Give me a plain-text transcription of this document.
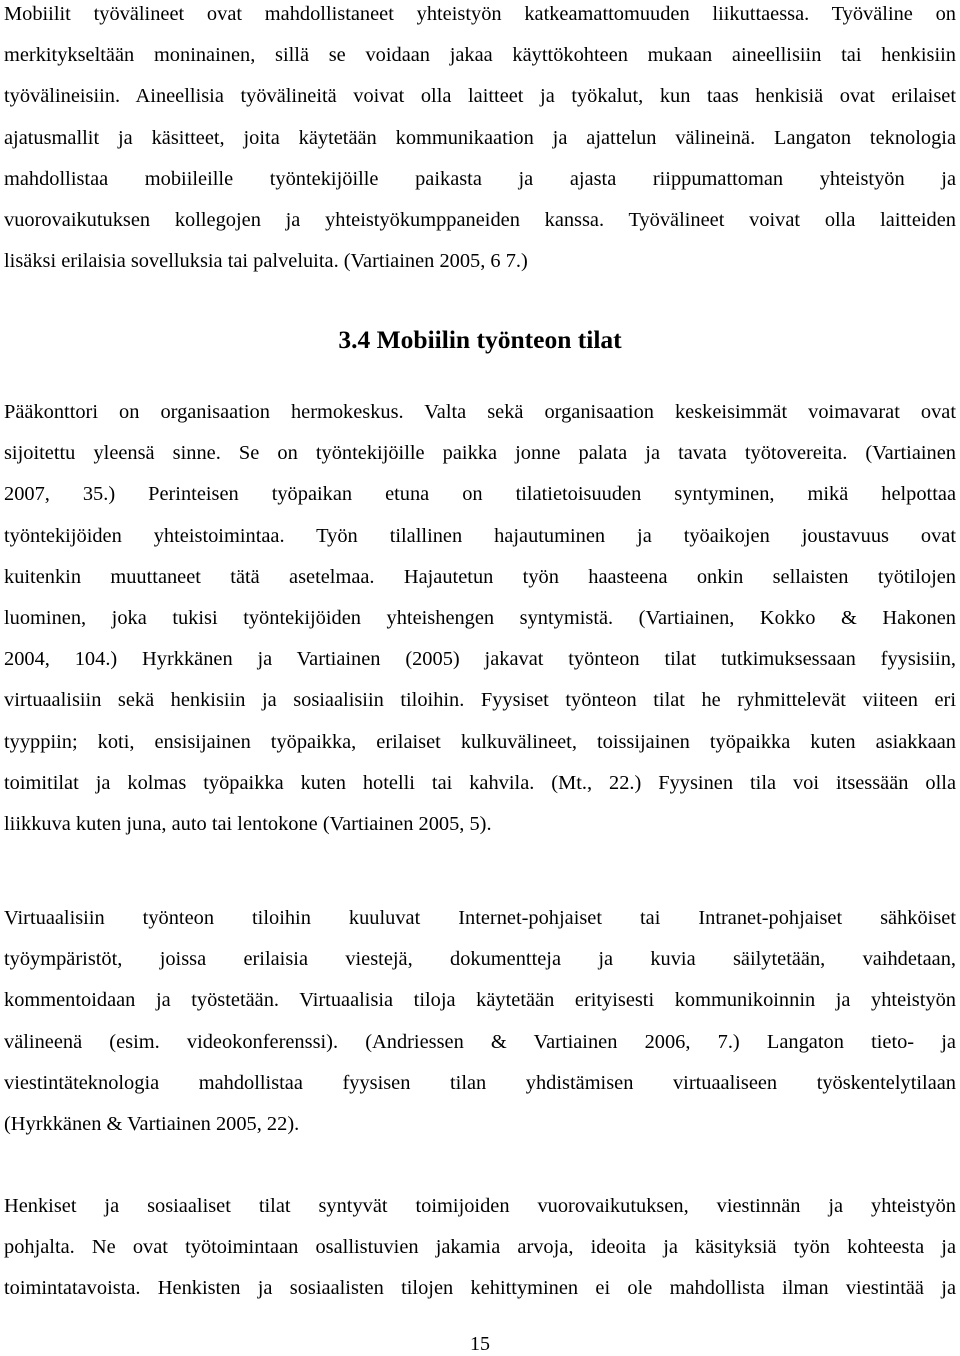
Mobiilit työvälineet ovat mahdollistaneet yhteistyön katkeamattomuuden liikuttaessa. Työväline on
merkitykseltään moninainen, sillä se voidaan jakaa käyttökohteen mukaan aineellisiin tai henkisiin
työvälineisiin. Aineellisia työvälineitä voivat olla laitteet ja työkalut, kun taas henkisiä ovat erilaiset
ajatusmallit ja käsitteet, joita käytetään kommunikaation ja ajattelun välineinä. Langaton teknologia
mahdollistaa mobiileille työntekijöille paikasta ja ajasta riippumattoman yhteistyön ja
vuorovaikutuksen kollegojen ja yhteistyökumppaneiden kanssa. Työvälineet voivat olla laitteiden
lisäksi erilaisia sovelluksia tai palveluita. (Vartiainen 2005, 6 7.)
3.4 Mobiilin työnteon tilat
Pääkonttori on organisaation hermokeskus. Valta sekä organisaation keskeisimmät voimavarat ovat
sijoitettu yleensä sinne. Se on työntekijöille paikka jonne palata ja tavata työtovereita. (Vartiainen
2007, 35.) Perinteisen työpaikan etuna on tilatietoisuuden syntyminen, mikä helpottaa
työntekijöiden yhteistoimintaa. Työn tilallinen hajautuminen ja työaikojen joustavuus ovat
kuitenkin muuttaneet tätä asetelmaa. Hajautetun työn haasteena onkin sellaisten työtilojen
luominen, joka tukisi työntekijöiden yhteishengen syntymistä. (Vartiainen, Kokko & Hakonen
2004, 104.) Hyrkkänen ja Vartiainen (2005) jakavat työnteon tilat tutkimuksessaan fyysisiin,
virtuaalisiin sekä henkisiin ja sosiaalisiin tiloihin. Fyysiset työnteon tilat he ryhmittelevät viiteen eri
tyyppiin; koti, ensisijainen työpaikka, erilaiset kulkuvälineet, toissijainen työpaikka kuten asiakkaan
toimitilat ja kolmas työpaikka kuten hotelli tai kahvila. (Mt., 22.) Fyysinen tila voi itsessään olla
liikkuva kuten juna, auto tai lentokone (Vartiainen 2005, 5).
Virtuaalisiin työnteon tiloihin kuuluvat Internet-pohjaiset tai Intranet-pohjaiset sähköiset
työympäristöt, joissa erilaisia viestejä, dokumentteja ja kuvia säilytetään, vaihdetaan,
kommentoidaan ja työstetään. Virtuaalisia tiloja käytetään erityisesti kommunikoinnin ja yhteistyön
välineenä (esim. videokonferenssi). (Andriessen & Vartiainen 2006, 7.) Langaton tieto- ja
viestintäteknologia mahdollistaa fyysisen tilan yhdistämisen virtuaaliseen työskentelytilaan
(Hyrkkänen & Vartiainen 2005, 22).
Henkiset ja sosiaaliset tilat syntyvät toimijoiden vuorovaikutuksen, viestinnän ja yhteistyön
pohjalta. Ne ovat työtoimintaan osallistuvien jakamia arvoja, ideoita ja käsityksiä työn kohteesta ja
toimintatavoista. Henkisten ja sosiaalisten tilojen kehittyminen ei ole mahdollista ilman viestintää ja
15
